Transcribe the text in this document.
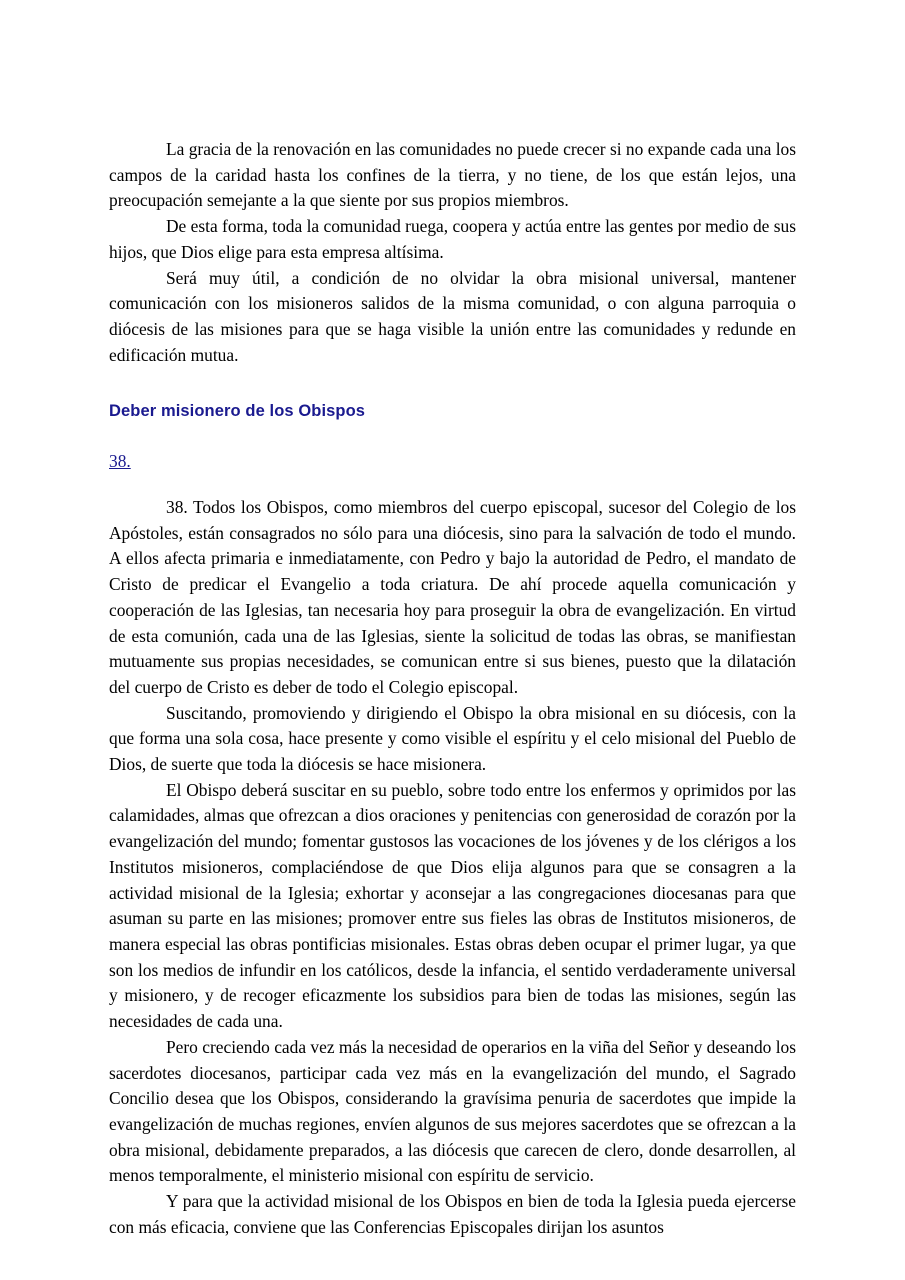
La gracia de la renovación en las comunidades no puede crecer si no expande cada una los campos de la caridad hasta los confines de la tierra, y no tiene, de los que están lejos, una preocupación semejante a la que siente por sus propios miembros.

De esta forma, toda la comunidad ruega, coopera y actúa entre las gentes por medio de sus hijos, que Dios elige para esta empresa altísima.

Será muy útil, a condición de no olvidar la obra misional universal, mantener comunicación con los misioneros salidos de la misma comunidad, o con alguna parroquia o diócesis de las misiones para que se haga visible la unión entre las comunidades y redunde en edificación mutua.

Deber misionero de los Obispos
38.

38. Todos los Obispos, como miembros del cuerpo episcopal, sucesor del Colegio de los Apóstoles, están consagrados no sólo para una diócesis, sino para la salvación de todo el mundo. A ellos afecta primaria e inmediatamente, con Pedro y bajo la autoridad de Pedro, el mandato de Cristo de predicar el Evangelio a toda criatura. De ahí procede aquella comunicación y cooperación de las Iglesias, tan necesaria hoy para proseguir la obra de evangelización. En virtud de esta comunión, cada una de las Iglesias, siente la solicitud de todas las obras, se manifiestan mutuamente sus propias necesidades, se comunican entre si sus bienes, puesto que la dilatación del cuerpo de Cristo es deber de todo el Colegio episcopal.

Suscitando, promoviendo y dirigiendo el Obispo la obra misional en su diócesis, con la que forma una sola cosa, hace presente y como visible el espíritu y el celo misional del Pueblo de Dios, de suerte que toda la diócesis se hace misionera.

El Obispo deberá suscitar en su pueblo, sobre todo entre los enfermos y oprimidos por las calamidades, almas que ofrezcan a dios oraciones y penitencias con generosidad de corazón por la evangelización del mundo; fomentar gustosos las vocaciones de los jóvenes y de los clérigos a los Institutos misioneros, complaciéndose de que Dios elija algunos para que se consagren a la actividad misional de la Iglesia; exhortar y aconsejar a las congregaciones diocesanas para que asuman su parte en las misiones; promover entre sus fieles las obras de Institutos misioneros, de manera especial las obras pontificias misionales. Estas obras deben ocupar el primer lugar, ya que son los medios de infundir en los católicos, desde la infancia, el sentido verdaderamente universal y misionero, y de recoger eficazmente los subsidios para bien de todas las misiones, según las necesidades de cada una.

Pero creciendo cada vez más la necesidad de operarios en la viña del Señor y deseando los sacerdotes diocesanos, participar cada vez más en la evangelización del mundo, el Sagrado Concilio desea que los Obispos, considerando la gravísima penuria de sacerdotes que impide la evangelización de muchas regiones, envíen algunos de sus mejores sacerdotes que se ofrezcan a la obra misional, debidamente preparados, a las diócesis que carecen de clero, donde desarrollen, al menos temporalmente, el ministerio misional con espíritu de servicio.

Y para que la actividad misional de los Obispos en bien de toda la Iglesia pueda ejercerse con más eficacia, conviene que las Conferencias Episcopales dirijan los asuntos
